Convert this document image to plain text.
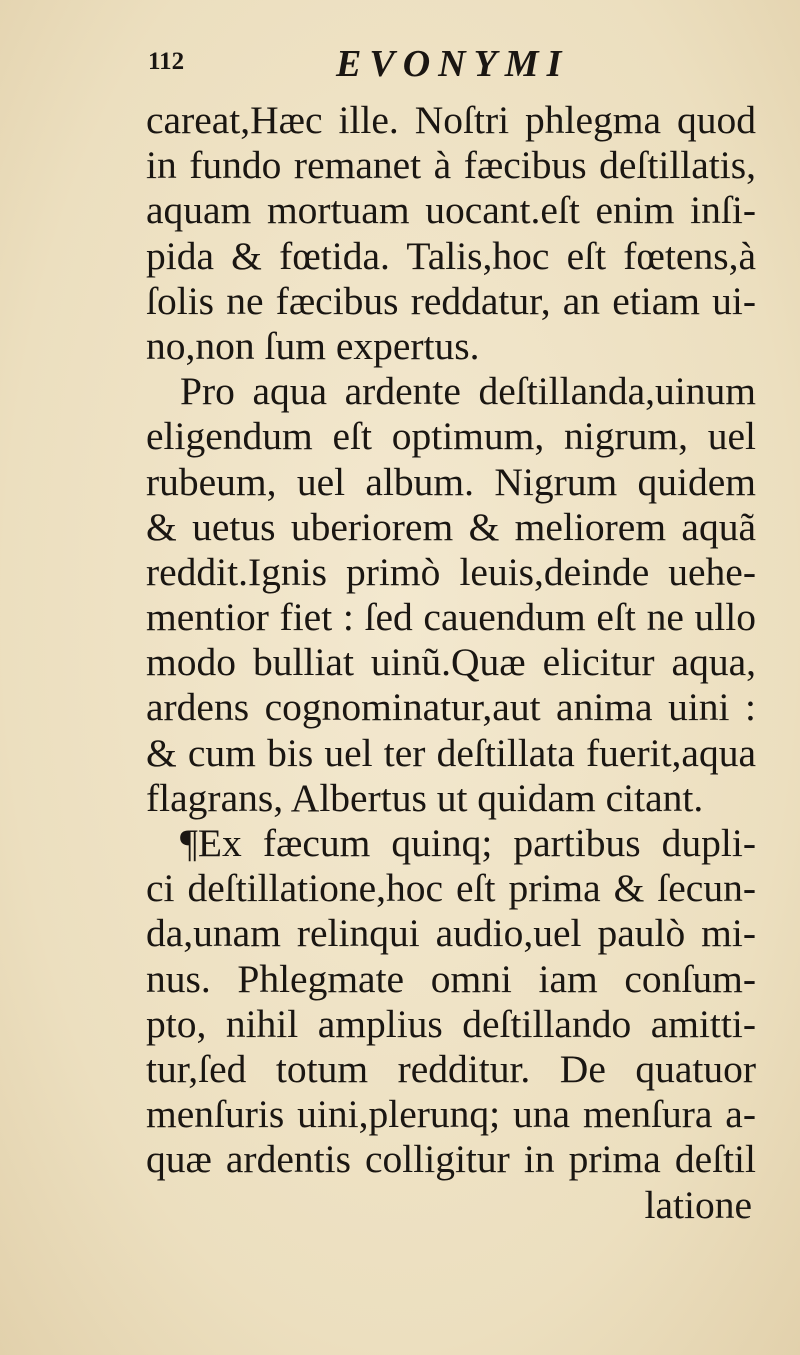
112	EVONYMI
careat,Hæc ille. Noſtri phlegma quod
in fundo remanet à fæcibus deſtillatis,
aquam mortuam uocant.eſt enim inſi-
pida & fœtida. Talis,hoc eſt fœtens,à
ſolis ne fæcibus reddatur, an etiam ui-
no,non ſum expertus.
Pro aqua ardente deſtillanda,uinum
eligendum eſt optimum, nigrum, uel
rubeum, uel album. Nigrum quidem
& uetus uberiorem & meliorem aquã
reddit.Ignis primò leuis,deinde uehe-
mentior fiet : ſed cauendum eſt ne ullo
modo bulliat uinũ.Quæ elicitur aqua,
ardens cognominatur,aut anima uini :
& cum bis uel ter deſtillata fuerit,aqua
flagrans, Albertus ut quidam citant.
¶Ex fæcum quinq; partibus dupli-
ci deſtillatione,hoc eſt prima & ſecun-
da,unam relinqui audio,uel paulò mi-
nus. Phlegmate omni iam conſum-
pto, nihil amplius deſtillando amitti-
tur,ſed totum redditur. De quatuor
menſuris uini,plerunq; una menſura a-
quæ ardentis colligitur in prima deſtil
latione
